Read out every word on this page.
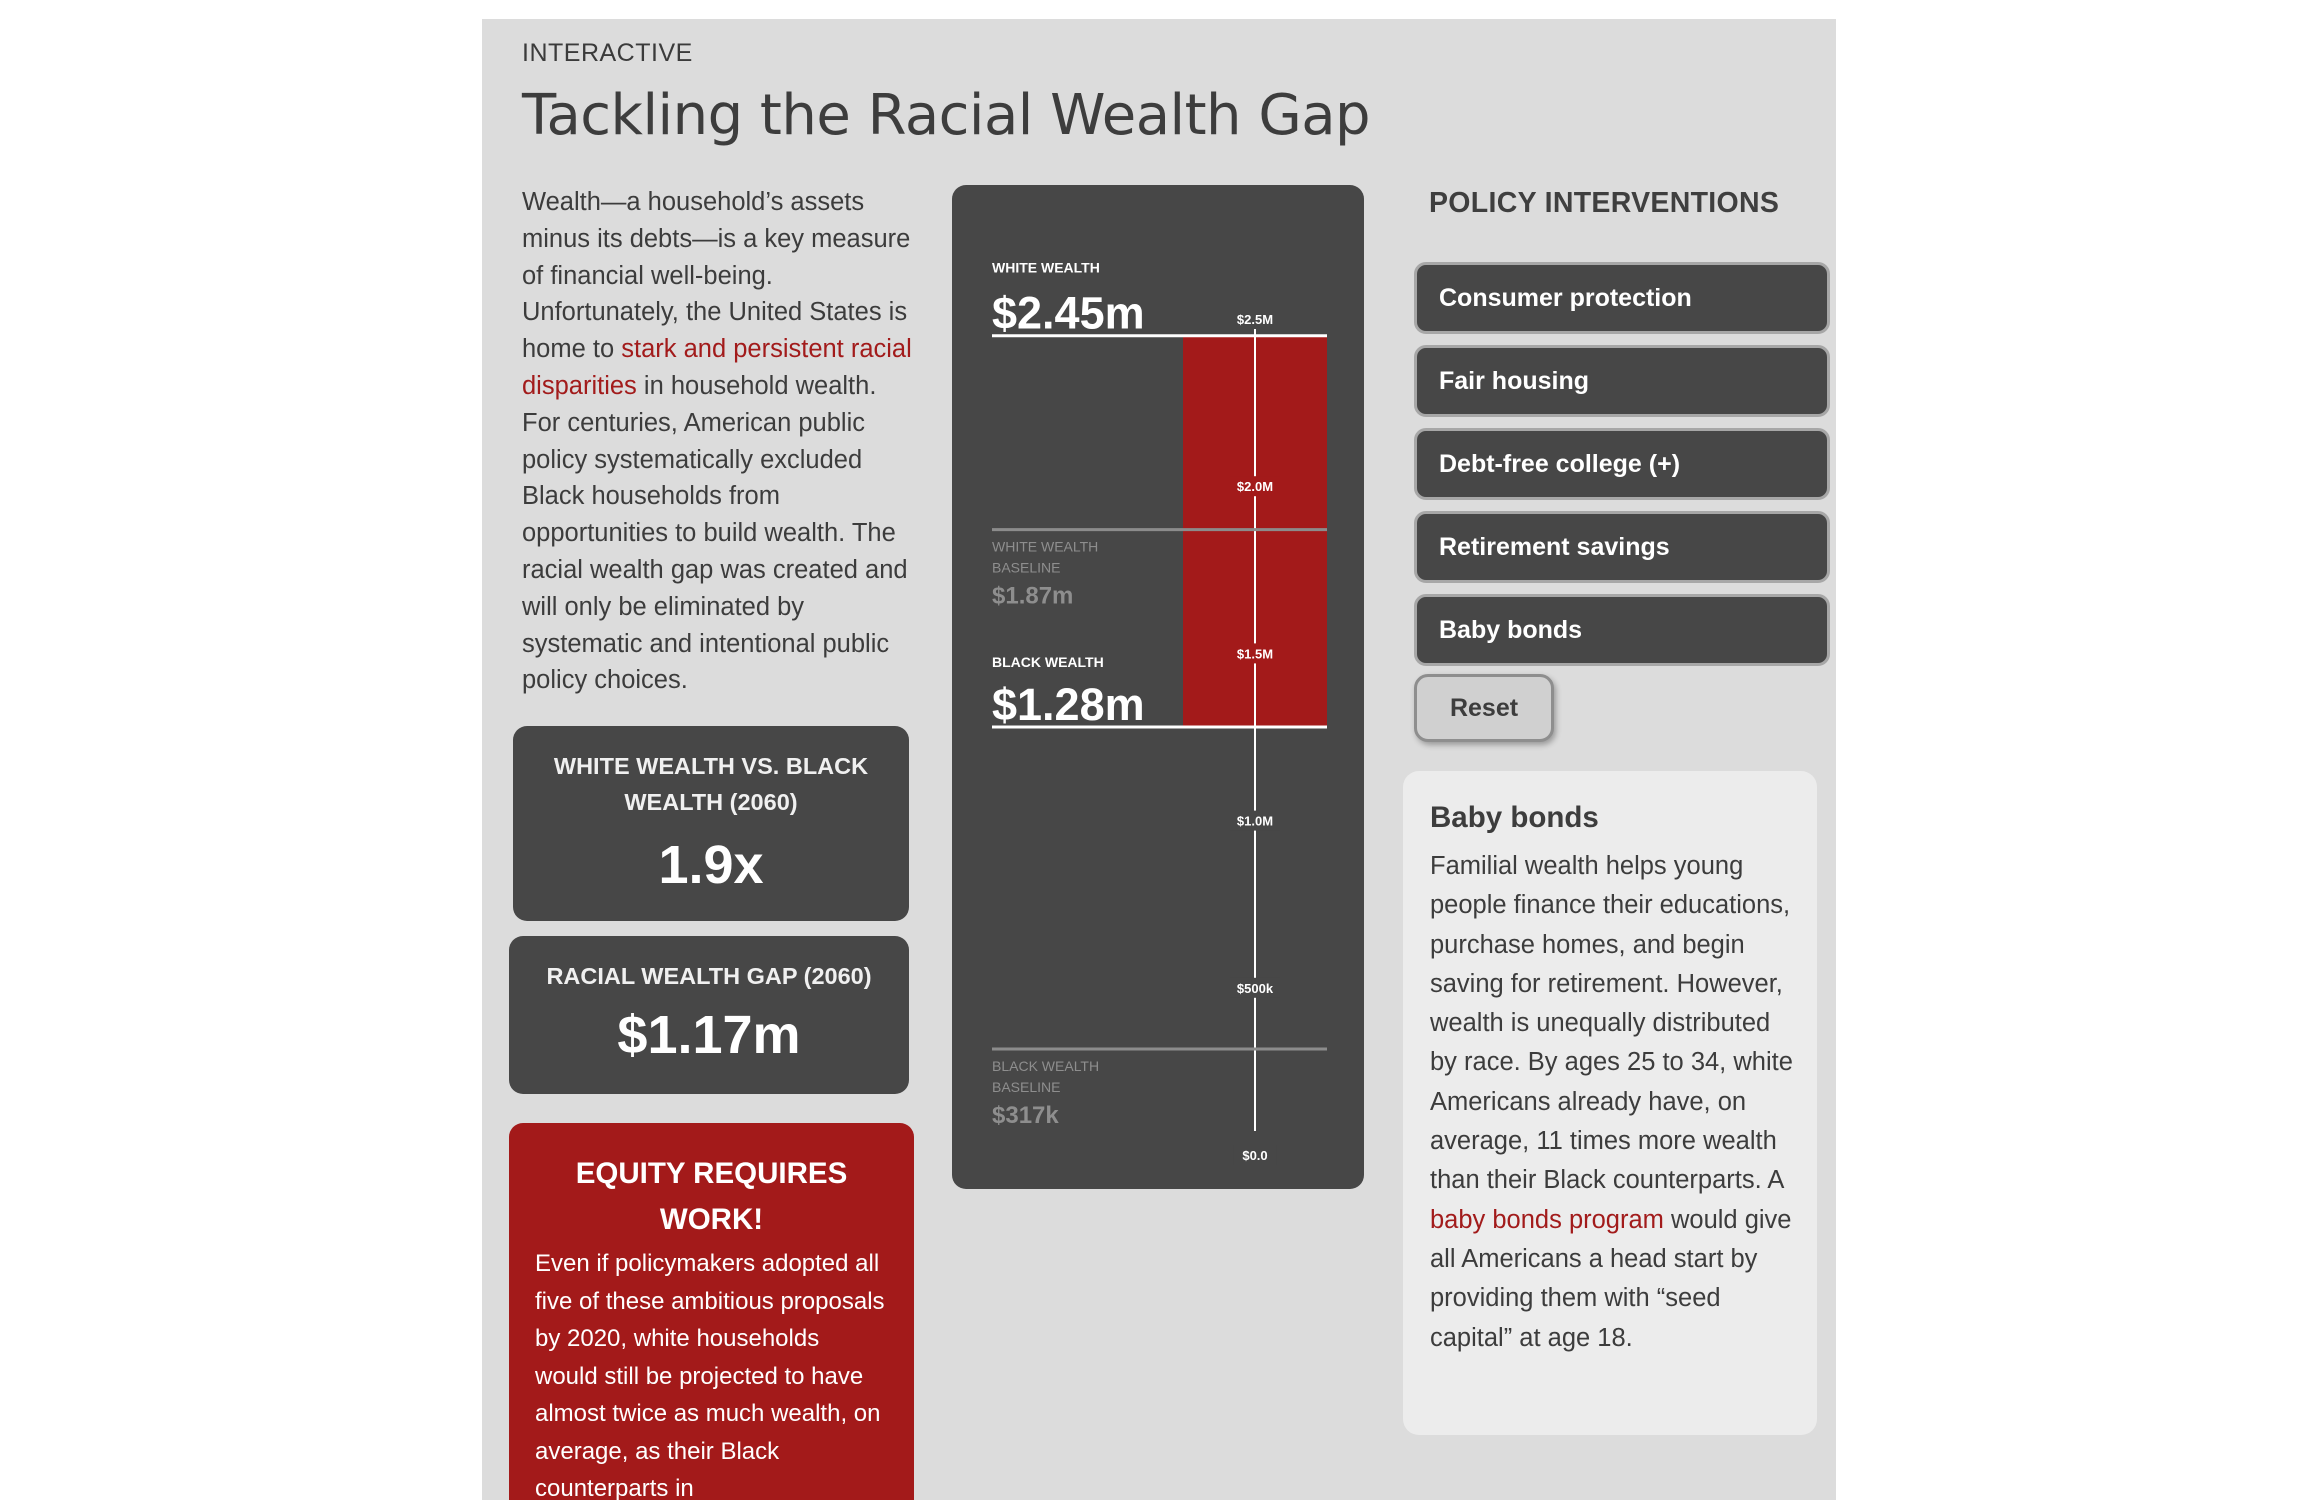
INTERACTIVE
Tackling the Racial Wealth Gap

Wealth—a household’s assets minus its debts—is a key measure of financial well-being. Unfortunately, the United States is home to stark and persistent racial disparities in household wealth. For centuries, American public policy systematically excluded Black households from opportunities to build wealth. The racial wealth gap was created and will only be eliminated by systematic and intentional public policy choices.

WHITE WEALTH VS. BLACK WEALTH (2060)
1.9x
RACIAL WEALTH GAP (2060)
$1.17m
EQUITY REQUIRES WORK!
Even if policymakers adopted all five of these ambitious proposals by 2020, white households would still be projected to have almost twice as much wealth, on average, as their Black counterparts in
$0.0
$500k
$1.0M
$1.5M
$2.0M
$2.5M
WHITE WEALTH
$2.45m
WHITE WEALTH
BASELINE
$1.87m
BLACK WEALTH
$1.28m
BLACK WEALTH
BASELINE
$317k
POLICY INTERVENTIONS
Consumer protection
Fair housing
Debt-free college (+)
Retirement savings
Baby bonds
Reset
Baby bonds

Familial wealth helps young people finance their educations, purchase homes, and begin saving for retirement. However, wealth is unequally distributed by race. By ages 25 to 34, white Americans already have, on average, 11 times more wealth than their Black counterparts. A baby bonds program would give all Americans a head start by providing them with “seed capital” at age 18.
